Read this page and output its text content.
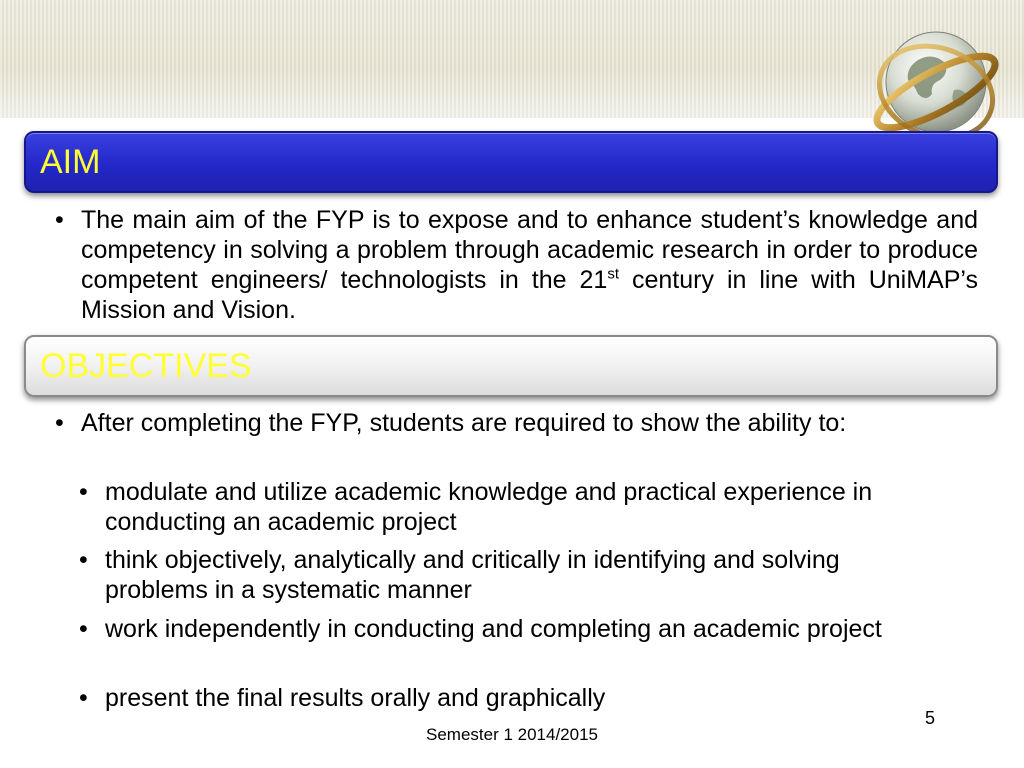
AIM
• The main aim of the FYP is to expose and to enhance student’s knowledge and competency in solving a problem through academic research in order to produce competent engineers/ technologists in the 21st century in line with UniMAP’s Mission and Vision.
OBJECTIVES
• After completing the FYP, students are required to show the ability to:
• modulate and utilize academic knowledge and practical experience in conducting an academic project
• think objectively, analytically and critically in identifying and solving problems in a systematic manner
• work independently in conducting and completing an academic project
• present the final results orally and graphically
5
Semester 1 2014/2015
